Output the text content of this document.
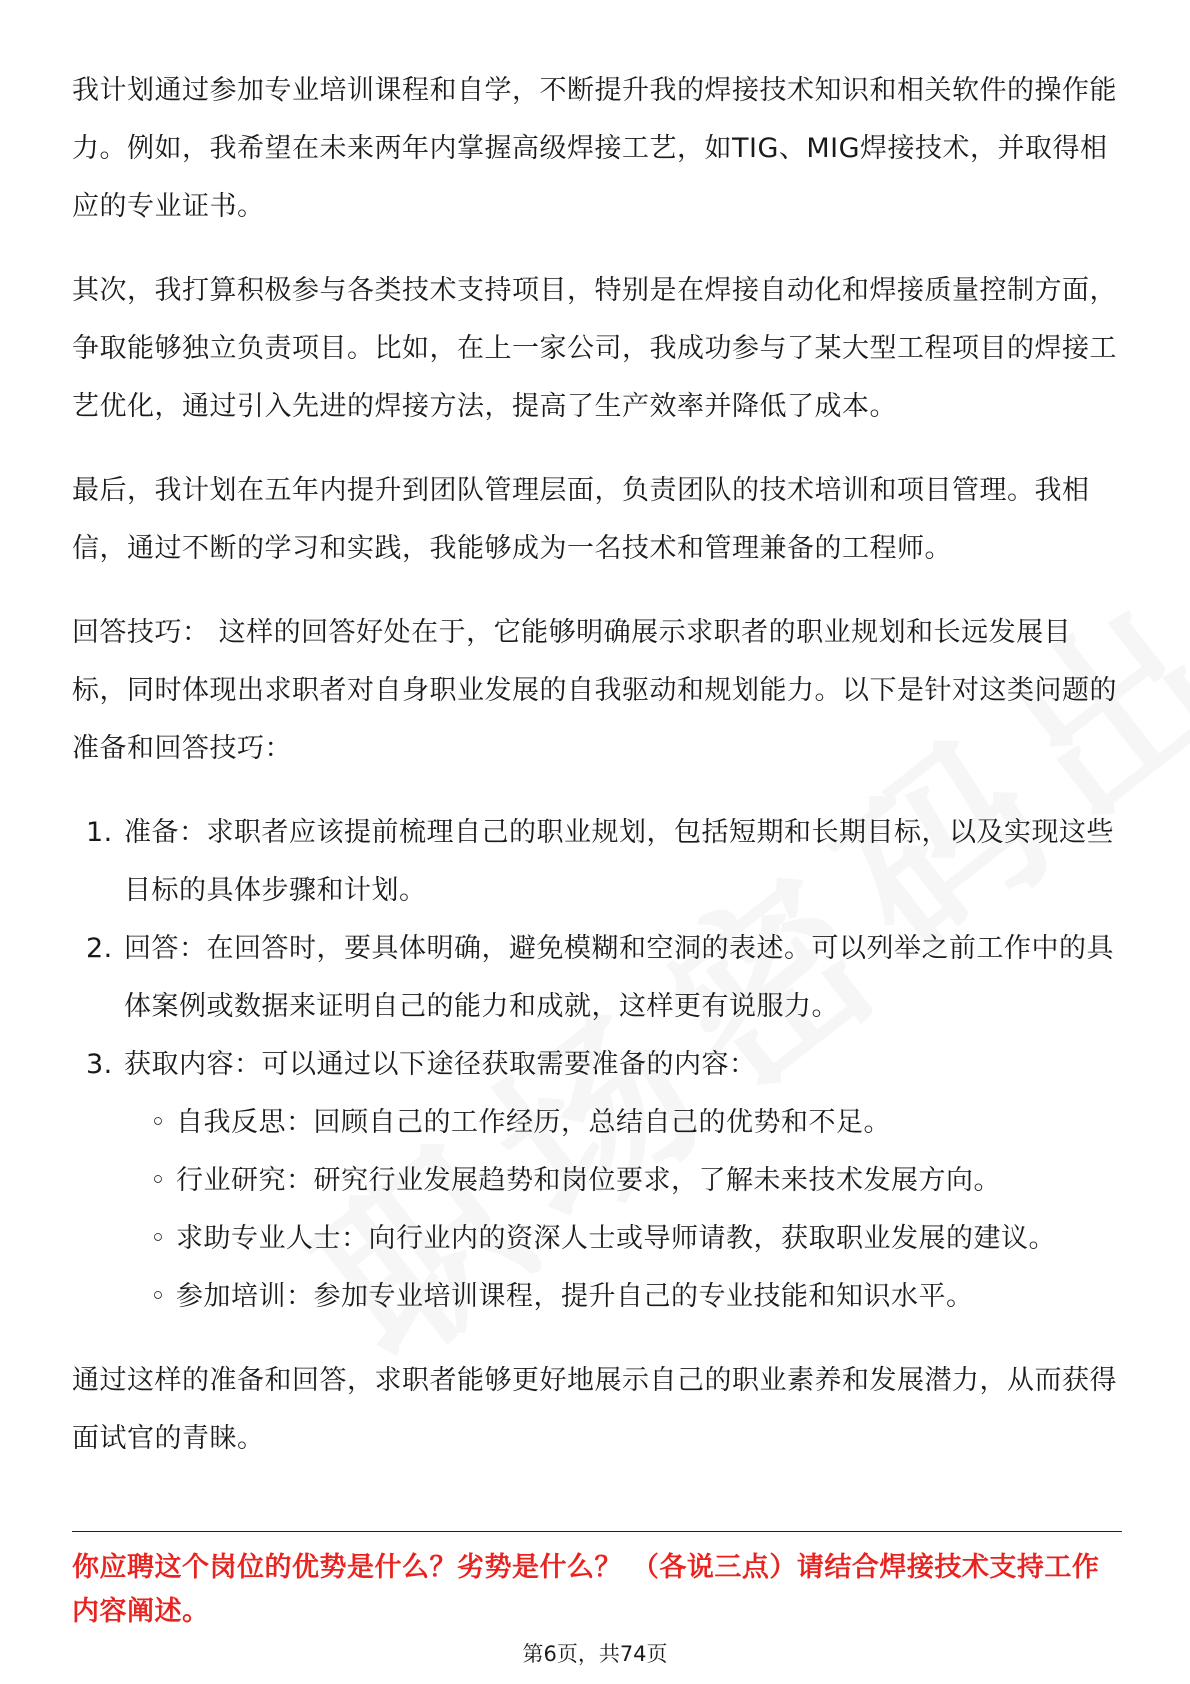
我计划通过参加专业培训课程和自学，不断提升我的焊接技术知识和相关软件的操作能力。例如，我希望在未来两年内掌握高级焊接工艺，如TIG、MIG焊接技术，并取得相应的专业证书。

其次，我打算积极参与各类技术支持项目，特别是在焊接自动化和焊接质量控制方面，争取能够独立负责项目。比如，在上一家公司，我成功参与了某大型工程项目的焊接工艺优化，通过引入先进的焊接方法，提高了生产效率并降低了成本。

最后，我计划在五年内提升到团队管理层面，负责团队的技术培训和项目管理。我相信，通过不断的学习和实践，我能够成为一名技术和管理兼备的工程师。

回答技巧： 这样的回答好处在于，它能够明确展示求职者的职业规划和长远发展目标，同时体现出求职者对自身职业发展的自我驱动和规划能力。以下是针对这类问题的准备和回答技巧：

1. 准备：求职者应该提前梳理自己的职业规划，包括短期和长期目标，以及实现这些目标的具体步骤和计划。
2. 回答：在回答时，要具体明确，避免模糊和空洞的表述。可以列举之前工作中的具体案例或数据来证明自己的能力和成就，这样更有说服力。
3. 获取内容：可以通过以下途径获取需要准备的内容：
◦ 自我反思：回顾自己的工作经历，总结自己的优势和不足。
◦ 行业研究：研究行业发展趋势和岗位要求，了解未来技术发展方向。
◦ 求助专业人士：向行业内的资深人士或导师请教，获取职业发展的建议。
◦ 参加培训：参加专业培训课程，提升自己的专业技能和知识水平。

通过这样的准备和回答，求职者能够更好地展示自己的职业素养和发展潜力，从而获得面试官的青睐。

你应聘这个岗位的优势是什么？劣势是什么？ （各说三点）请结合焊接技术支持工作内容阐述。

第6页，共74页
